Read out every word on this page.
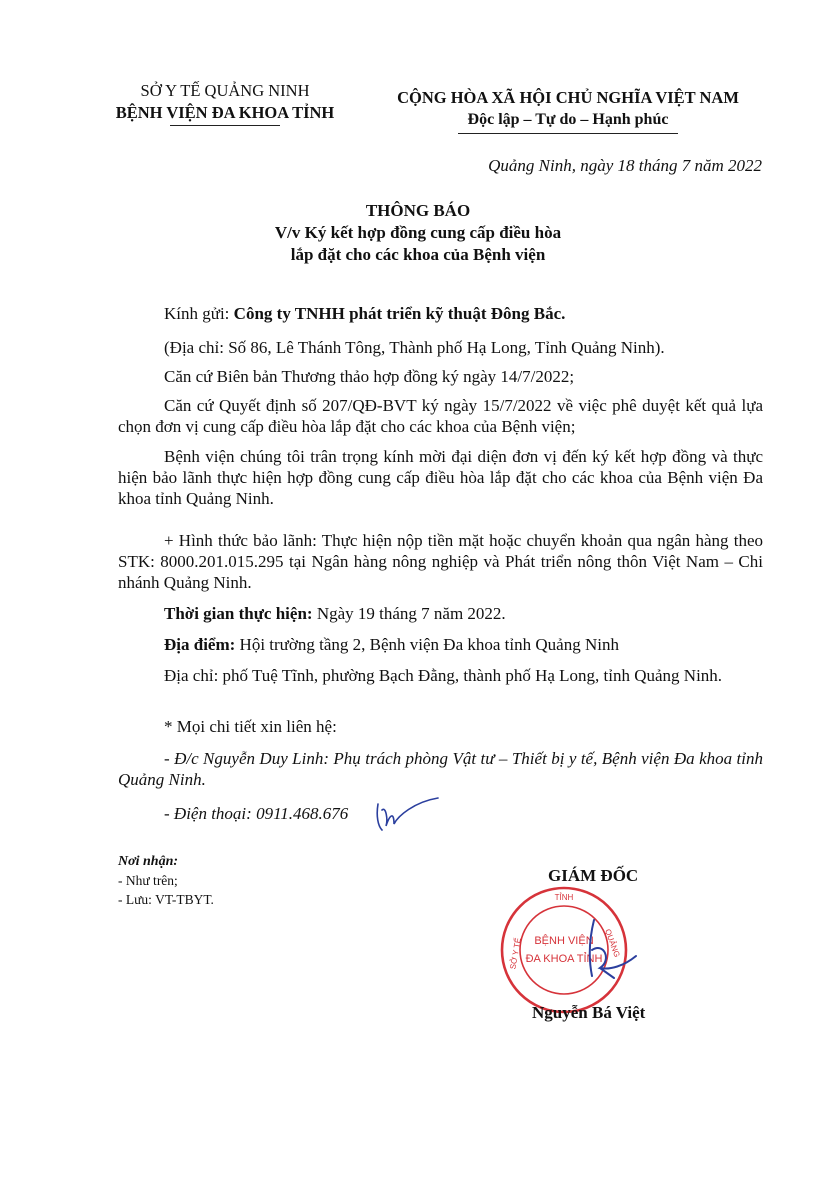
SỞ Y TẾ QUẢNG NINH
BỆNH VIỆN ĐA KHOA TỈNH
CỘNG HÒA XÃ HỘI CHỦ NGHĨA VIỆT NAM
Độc lập – Tự do – Hạnh phúc
Quảng Ninh, ngày 18 tháng 7 năm 2022
THÔNG BÁO
V/v Ký kết hợp đồng cung cấp điều hòa
lắp đặt cho các khoa của Bệnh viện

Kính gửi: Công ty TNHH phát triển kỹ thuật Đông Bắc.

(Địa chỉ: Số 86, Lê Thánh Tông, Thành phố Hạ Long, Tỉnh Quảng Ninh).

Căn cứ Biên bản Thương thảo hợp đồng ký ngày 14/7/2022;

Căn cứ Quyết định số 207/QĐ-BVT ký ngày 15/7/2022 về việc phê duyệt kết quả lựa chọn đơn vị cung cấp điều hòa lắp đặt cho các khoa của Bệnh viện;

Bệnh viện chúng tôi trân trọng kính mời đại diện đơn vị đến ký kết hợp đồng và thực hiện bảo lãnh thực hiện hợp đồng cung cấp điều hòa lắp đặt cho các khoa của Bệnh viện Đa khoa tỉnh Quảng Ninh.

+ Hình thức bảo lãnh: Thực hiện nộp tiền mặt hoặc chuyển khoản qua ngân hàng theo STK: 8000.201.015.295 tại Ngân hàng nông nghiệp và Phát triển nông thôn Việt Nam – Chi nhánh Quảng Ninh.

Thời gian thực hiện: Ngày 19 tháng 7 năm 2022.

Địa điểm: Hội trường tầng 2, Bệnh viện Đa khoa tỉnh Quảng Ninh

Địa chỉ: phố Tuệ Tĩnh, phường Bạch Đằng, thành phố Hạ Long, tỉnh Quảng Ninh.

* Mọi chi tiết xin liên hệ:

- Đ/c Nguyễn Duy Linh: Phụ trách phòng Vật tư – Thiết bị y tế, Bệnh viện Đa khoa tỉnh Quảng Ninh.

- Điện thoại: 0911.468.676

Nơi nhận:
- Như trên;
- Lưu: VT-TBYT.
GIÁM ĐỐC
BỆNH VIỆN
ĐA KHOA TỈNH
TỈNH
SỞ Y TẾ	QUẢNG
Nguyễn Bá Việt
